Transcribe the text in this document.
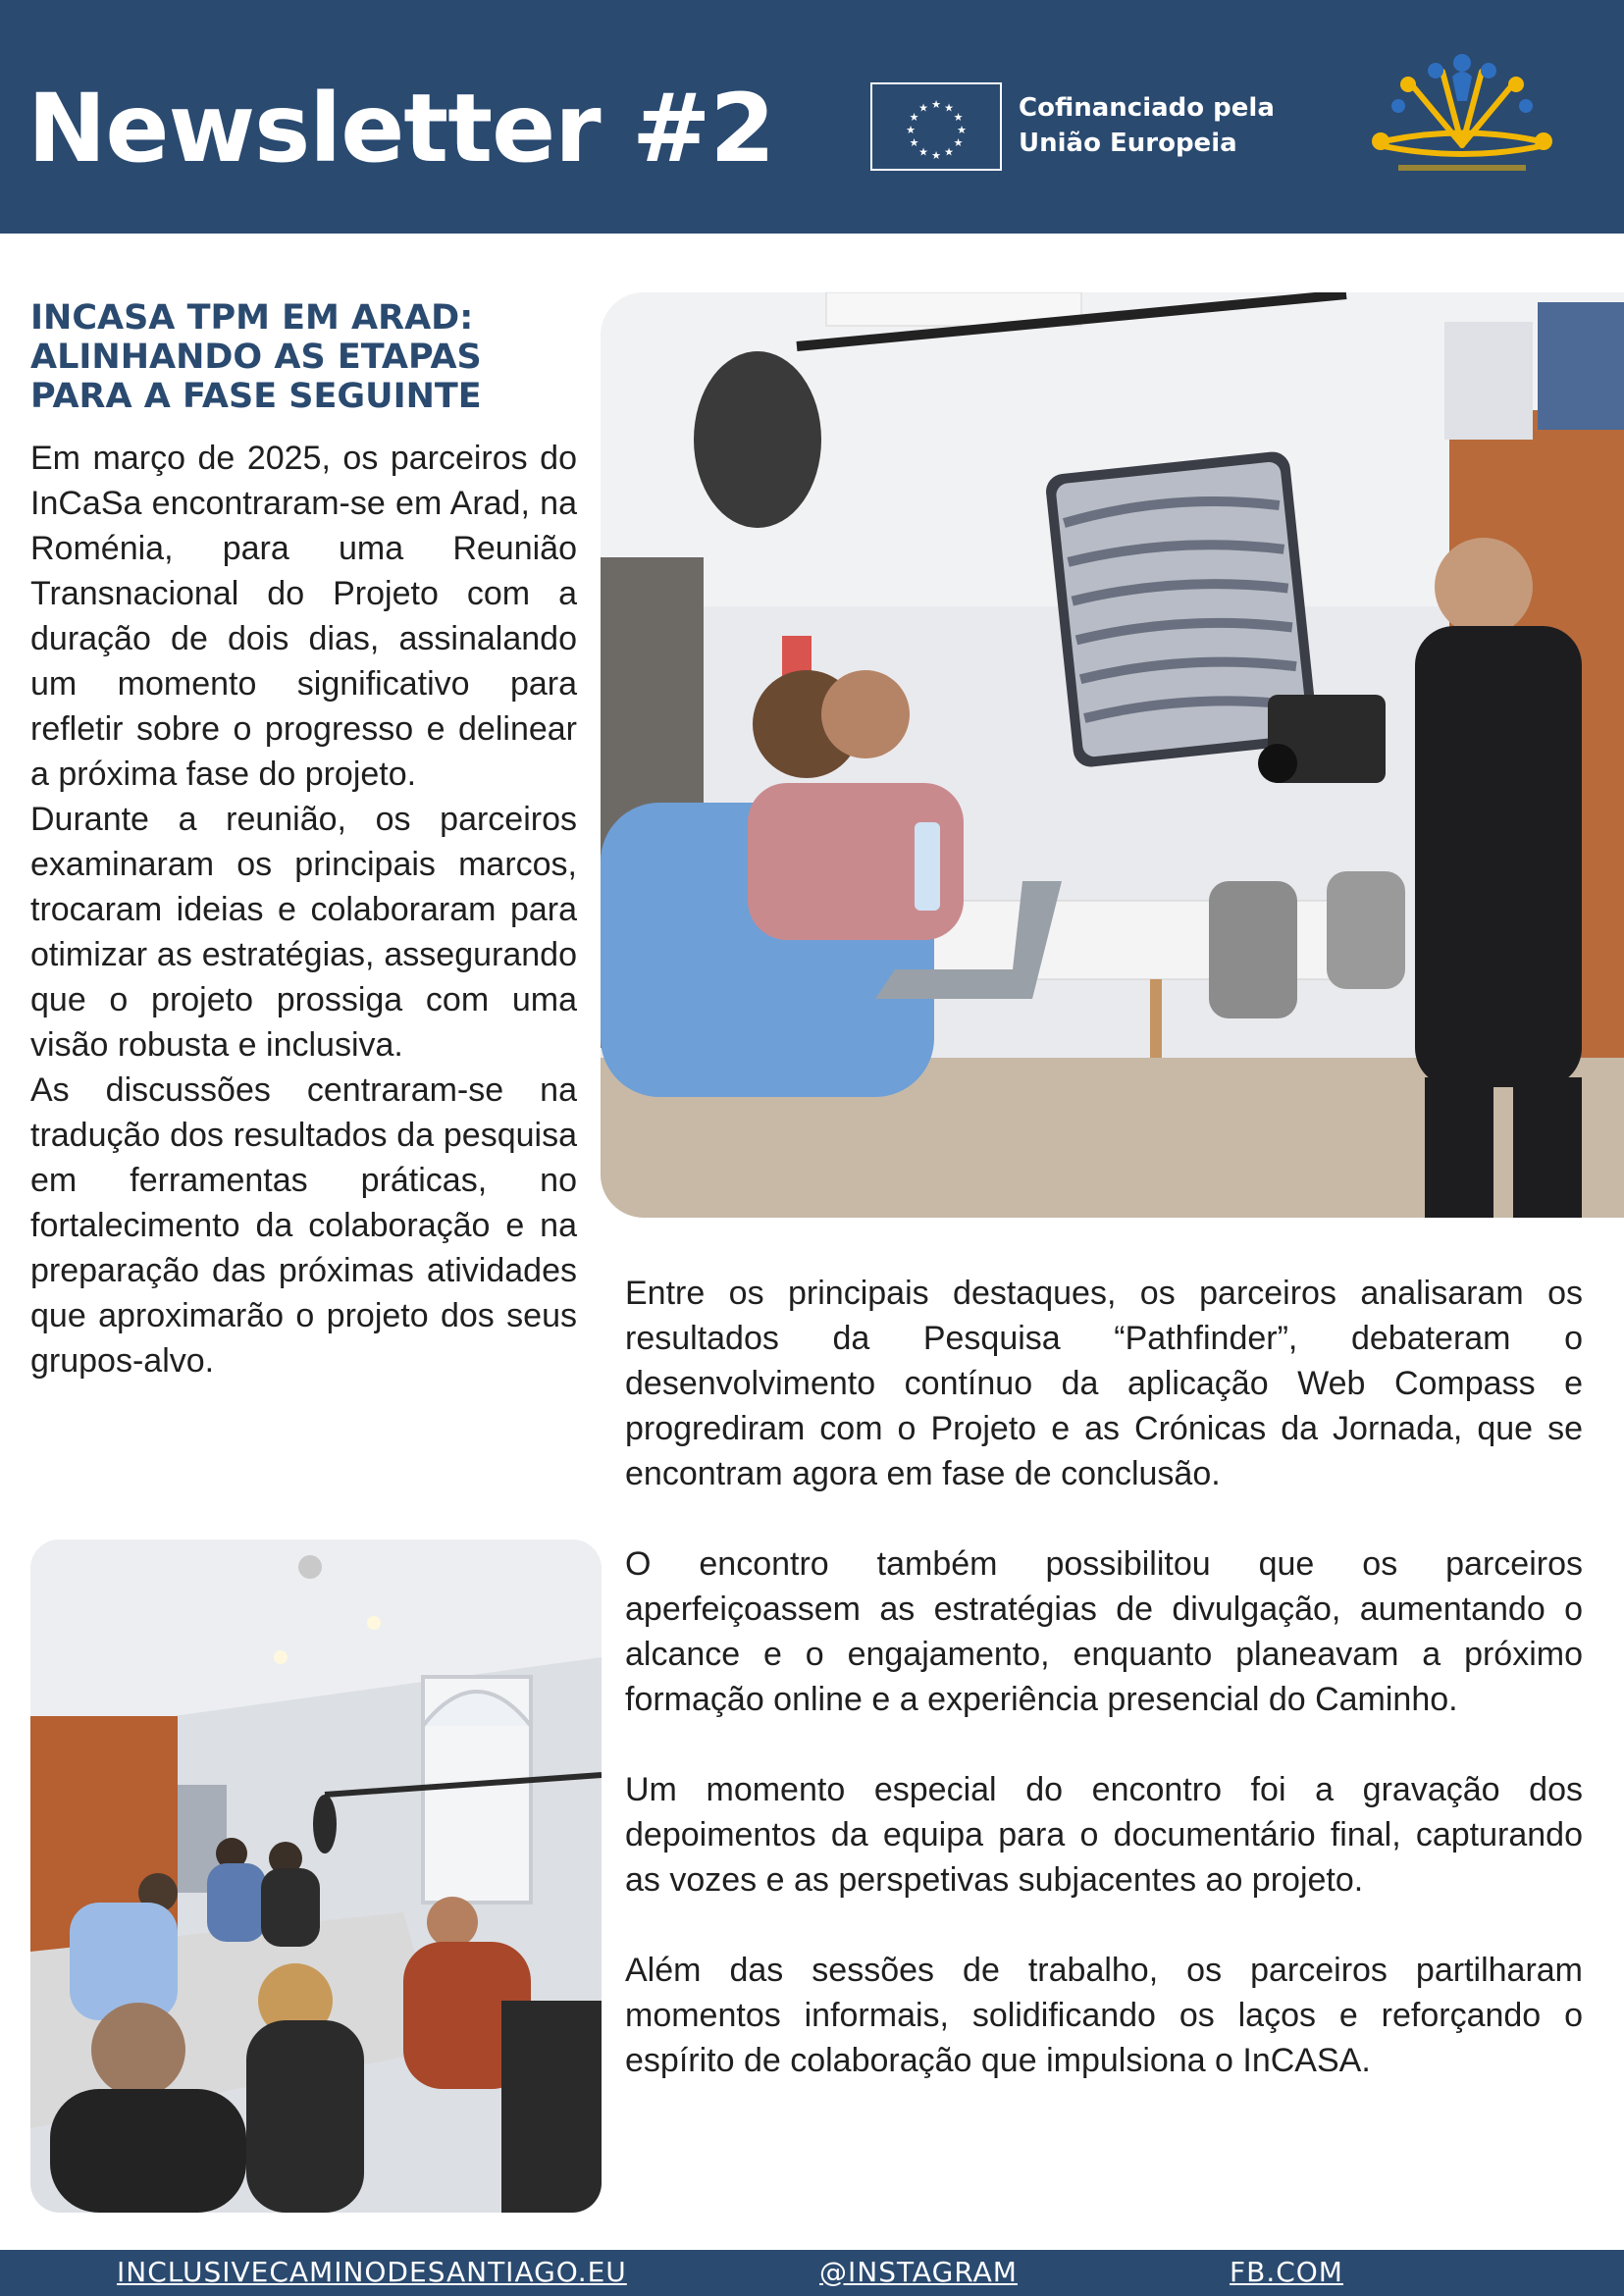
Newsletter #2	★ ★
★
★
★
★
★
★
★
★
★
★	Cofinanciado pela
União Europeia
INCASA TPM EM ARAD:
ALINHANDO AS ETAPAS
PARA A FASE SEGUINTE

Em março de 2025, os parceiros do InCaSa encontraram-se em Arad, na Roménia, para uma Reunião Transnacional do Projeto com a duração de dois dias, assinalando um momento significativo para refletir sobre o progresso e delinear a próxima fase do projeto.

Durante a reunião, os parceiros examinaram os principais marcos, trocaram ideias e colaboraram para otimizar as estratégias, assegurando que o projeto prossiga com uma visão robusta e inclusiva.

As discussões centraram-se na tradução dos resultados da pesquisa em ferramentas práticas, no fortalecimento da colaboração e na preparação das próximas atividades que aproximarão o projeto dos seus grupos-alvo.

Entre os principais destaques, os parceiros analisaram os resultados da Pesquisa “Pathfinder”, debateram o desenvolvimento contínuo da aplicação Web Compass e progrediram com o Projeto e as Crónicas da Jornada, que se encontram agora em fase de conclusão.

O encontro também possibilitou que os parceiros aperfeiçoassem as estratégias de divulgação, aumentando o alcance e o engajamento, enquanto planeavam a próximo formação online e a experiência presencial do Caminho.

Um momento especial do encontro foi a gravação dos depoimentos da equipa para o documentário final, capturando as vozes e as perspetivas subjacentes ao projeto.

Além das sessões de trabalho, os parceiros partilharam momentos informais, solidificando os laços e reforçando o espírito de colaboração que impulsiona o InCASA.

INCLUSIVECAMINODESANTIAGO.EU	@INSTAGRAM	FB.COM
